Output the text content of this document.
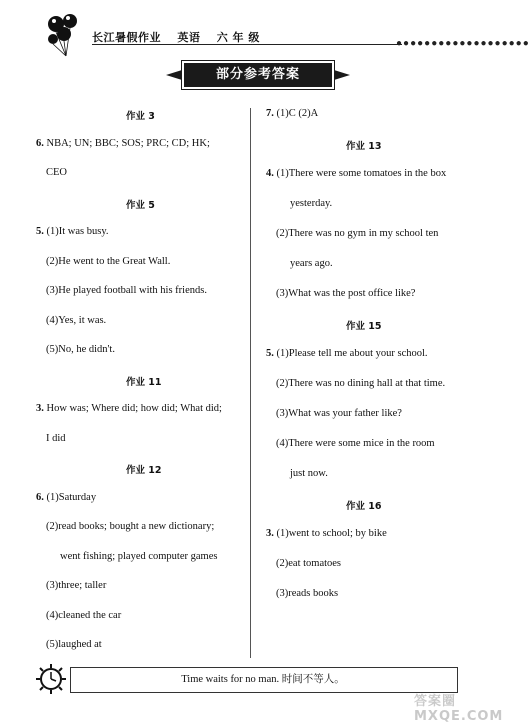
长江暑假作业 英语 六 年 级	●●●●●●●●●●●●●●●●●●●
部分参考答案
作业 3
6. NBA; UN; BBC; SOS; PRC; CD; HK;
CEO
作业 5
5. (1)It was busy.
(2)He went to the Great Wall.
(3)He played football with his friends.
(4)Yes, it was.
(5)No, he didn't.
作业 11
3. How was; Where did; how did; What did;
I did
作业 12
6. (1)Saturday
(2)read books; bought a new dictionary;
went fishing; played computer games
(3)three; taller
(4)cleaned the car
(5)laughed at
7. (1)C (2)A
作业 13
4. (1)There were some tomatoes in the box
yesterday.
(2)There was no gym in my school ten
years ago.
(3)What was the post office like?
作业 15
5. (1)Please tell me about your school.
(2)There was no dining hall at that time.
(3)What was your father like?
(4)There were some mice in the room
just now.
作业 16
3. (1)went to school; by bike
(2)eat tomatoes
(3)reads books
Time waits for no man. 时间不等人。
答案圈 MXQE.COM
